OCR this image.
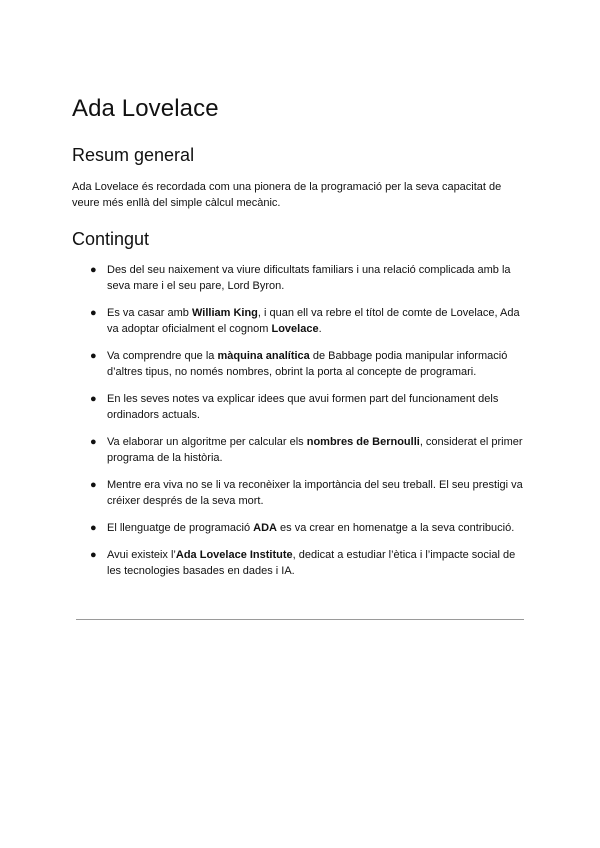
Ada Lovelace
Resum general

Ada Lovelace és recordada com una pionera de la programació per la seva capacitat de veure més enllà del simple càlcul mecànic.

Contingut
● Des del seu naixement va viure dificultats familiars i una relació complicada amb la seva mare i el seu pare, Lord Byron.
● Es va casar amb William King, i quan ell va rebre el títol de comte de Lovelace, Ada va adoptar oficialment el cognom Lovelace.
● Va comprendre que la màquina analítica de Babbage podia manipular informació d’altres tipus, no només nombres, obrint la porta al concepte de programari.
● En les seves notes va explicar idees que avui formen part del funcionament dels ordinadors actuals.
● Va elaborar un algoritme per calcular els nombres de Bernoulli, considerat el primer programa de la història.
● Mentre era viva no se li va reconèixer la importància del seu treball. El seu prestigi va créixer després de la seva mort.
● El llenguatge de programació ADA es va crear en homenatge a la seva contribució.
● Avui existeix l’Ada Lovelace Institute, dedicat a estudiar l’ètica i l’impacte social de les tecnologies basades en dades i IA.
